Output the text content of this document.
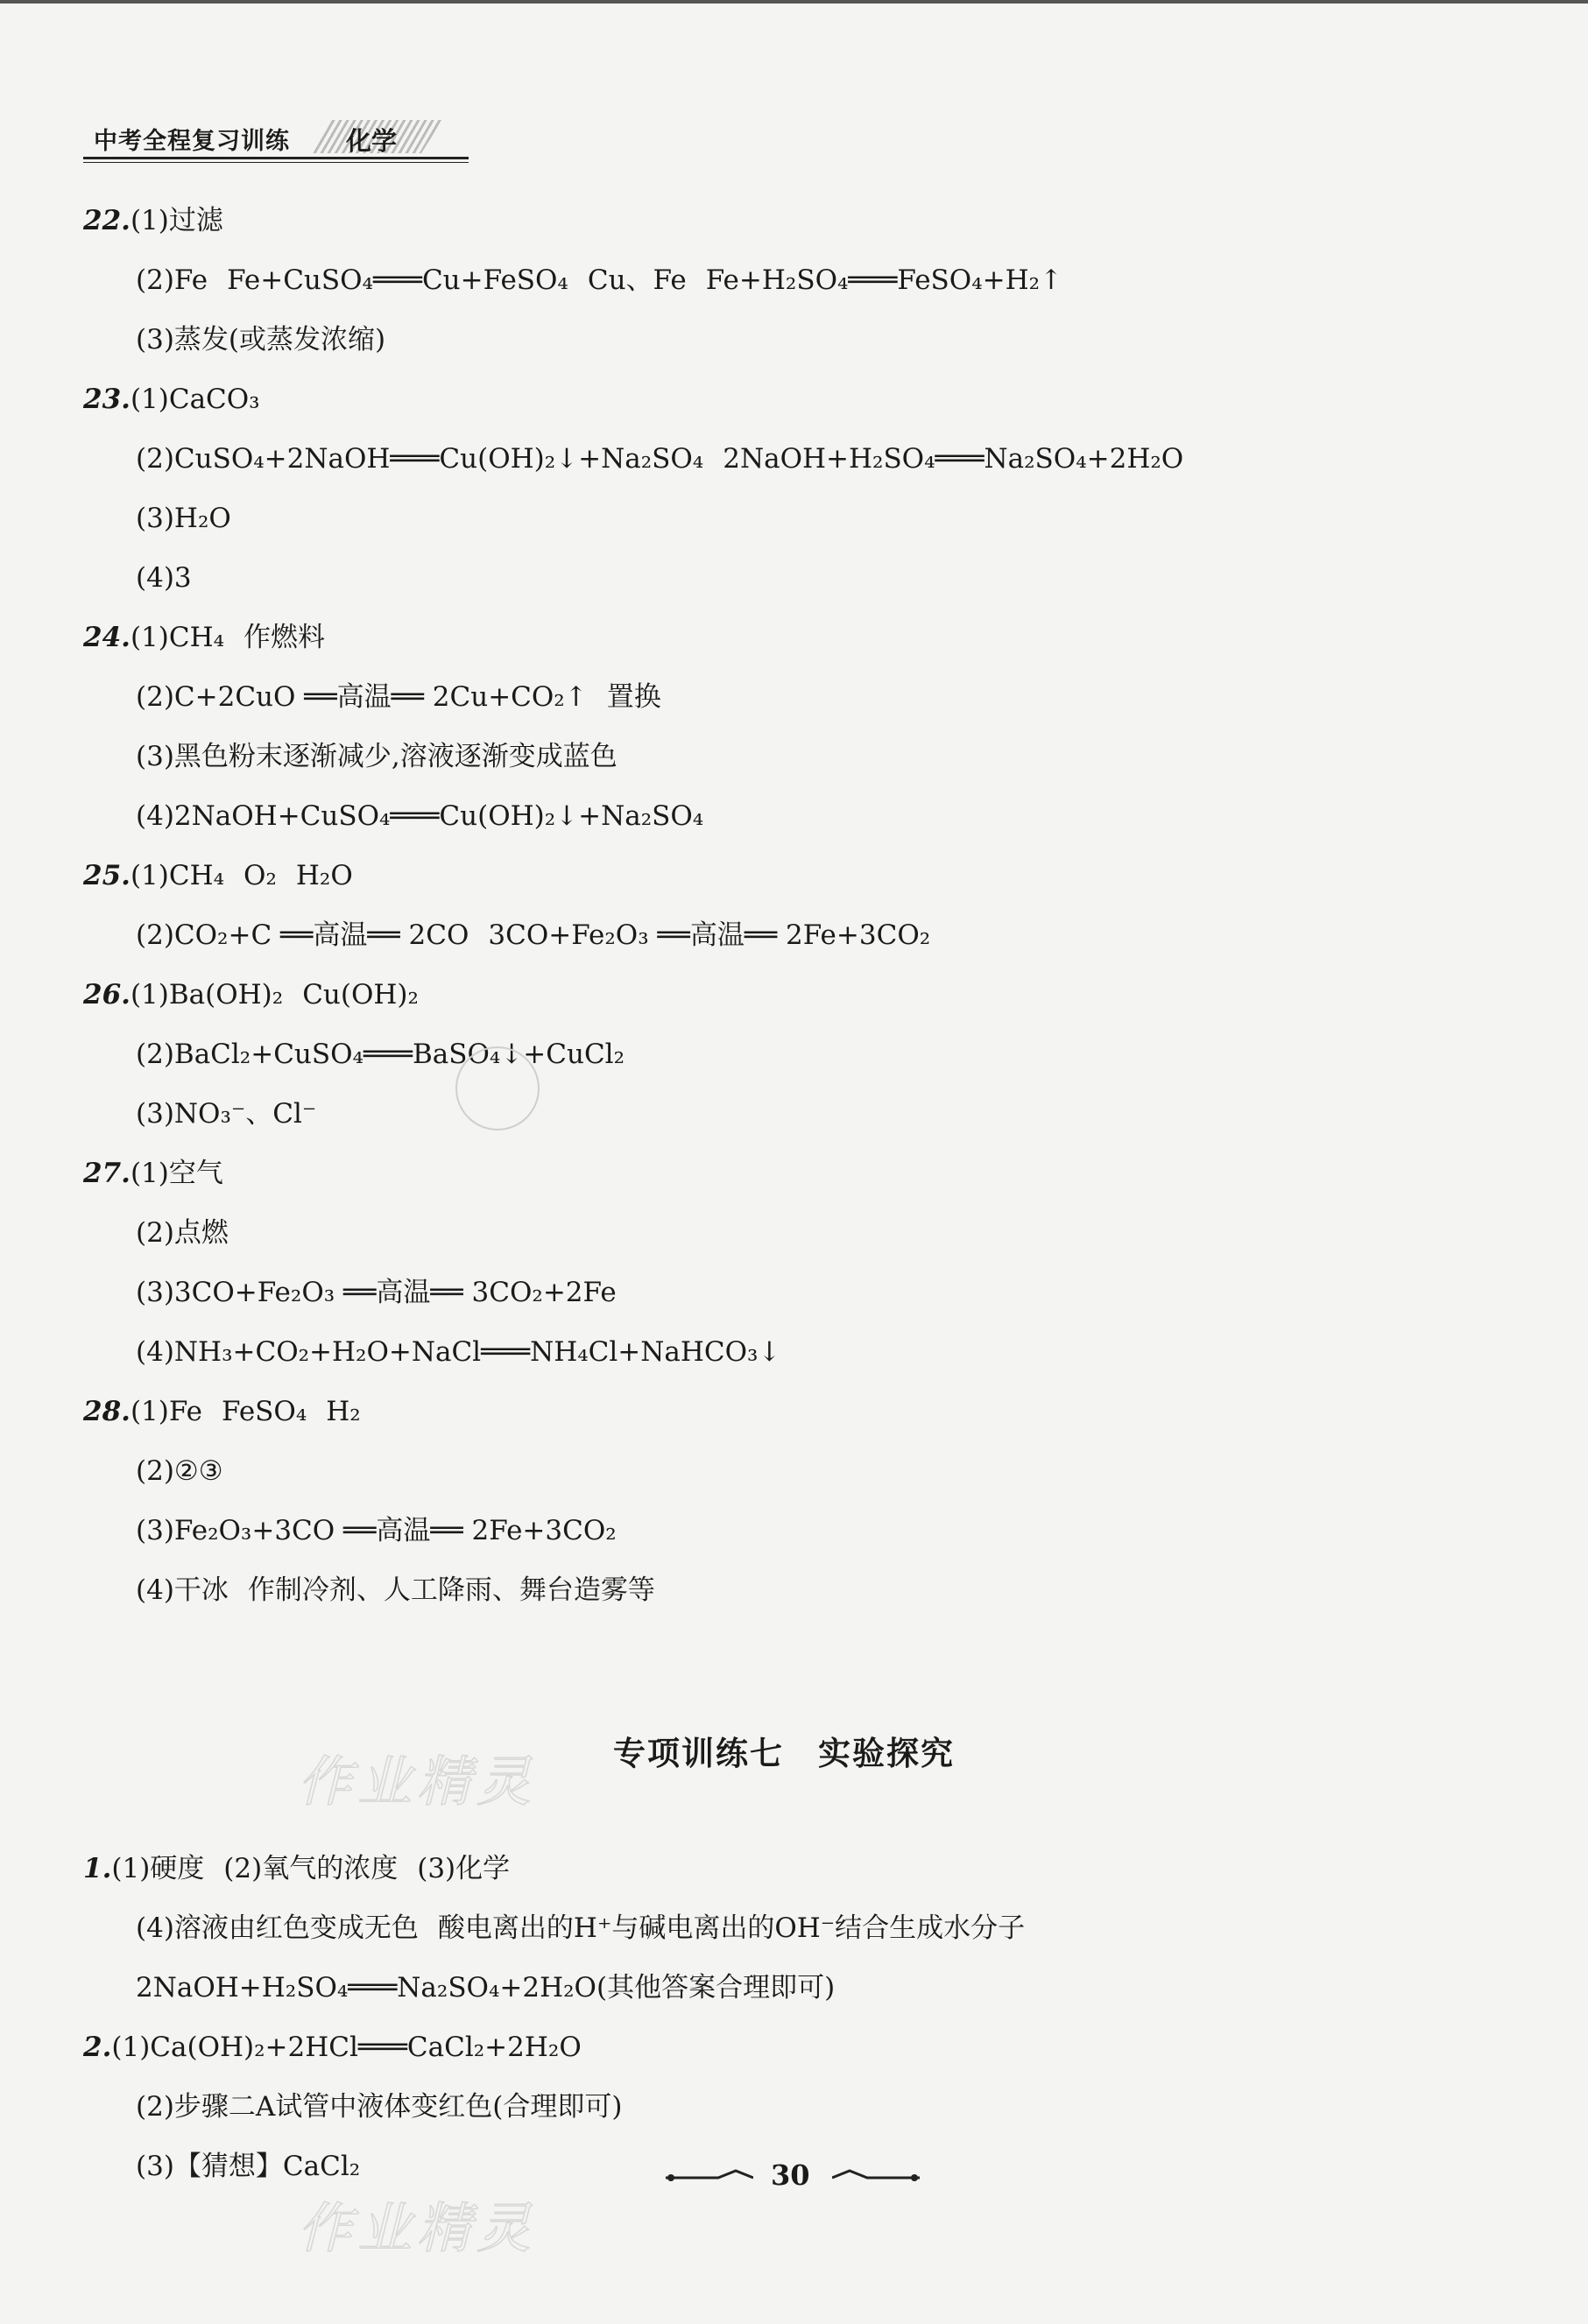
中考全程复习训练 化学
22.(1)过滤
(2)Fe Fe+CuSO₄═══Cu+FeSO₄ Cu、Fe Fe+H₂SO₄═══FeSO₄+H₂↑
(3)蒸发(或蒸发浓缩)
23.(1)CaCO₃
(2)CuSO₄+2NaOH═══Cu(OH)₂↓+Na₂SO₄ 2NaOH+H₂SO₄═══Na₂SO₄+2H₂O
(3)H₂O
(4)3
24.(1)CH₄ 作燃料
(2)C+2CuO ══高温══ 2Cu+CO₂↑ 置换
(3)黑色粉末逐渐减少,溶液逐渐变成蓝色
(4)2NaOH+CuSO₄═══Cu(OH)₂↓+Na₂SO₄
25.(1)CH₄ O₂ H₂O
(2)CO₂+C ══高温══ 2CO 3CO+Fe₂O₃ ══高温══ 2Fe+3CO₂
26.(1)Ba(OH)₂ Cu(OH)₂
(2)BaCl₂+CuSO₄═══BaSO₄↓+CuCl₂
(3)NO₃⁻、Cl⁻
27.(1)空气
(2)点燃
(3)3CO+Fe₂O₃ ══高温══ 3CO₂+2Fe
(4)NH₃+CO₂+H₂O+NaCl═══NH₄Cl+NaHCO₃↓
28.(1)Fe FeSO₄ H₂
(2)②③
(3)Fe₂O₃+3CO ══高温══ 2Fe+3CO₂
(4)干冰 作制冷剂、人工降雨、舞台造雾等
作业精灵
作业精灵
专项训练七　实验探究
1.(1)硬度 (2)氧气的浓度 (3)化学
(4)溶液由红色变成无色 酸电离出的H⁺与碱电离出的OH⁻结合生成水分子
2NaOH+H₂SO₄═══Na₂SO₄+2H₂O(其他答案合理即可)
2.(1)Ca(OH)₂+2HCl═══CaCl₂+2H₂O
(2)步骤二A试管中液体变红色(合理即可)
(3)【猜想】CaCl₂	30
